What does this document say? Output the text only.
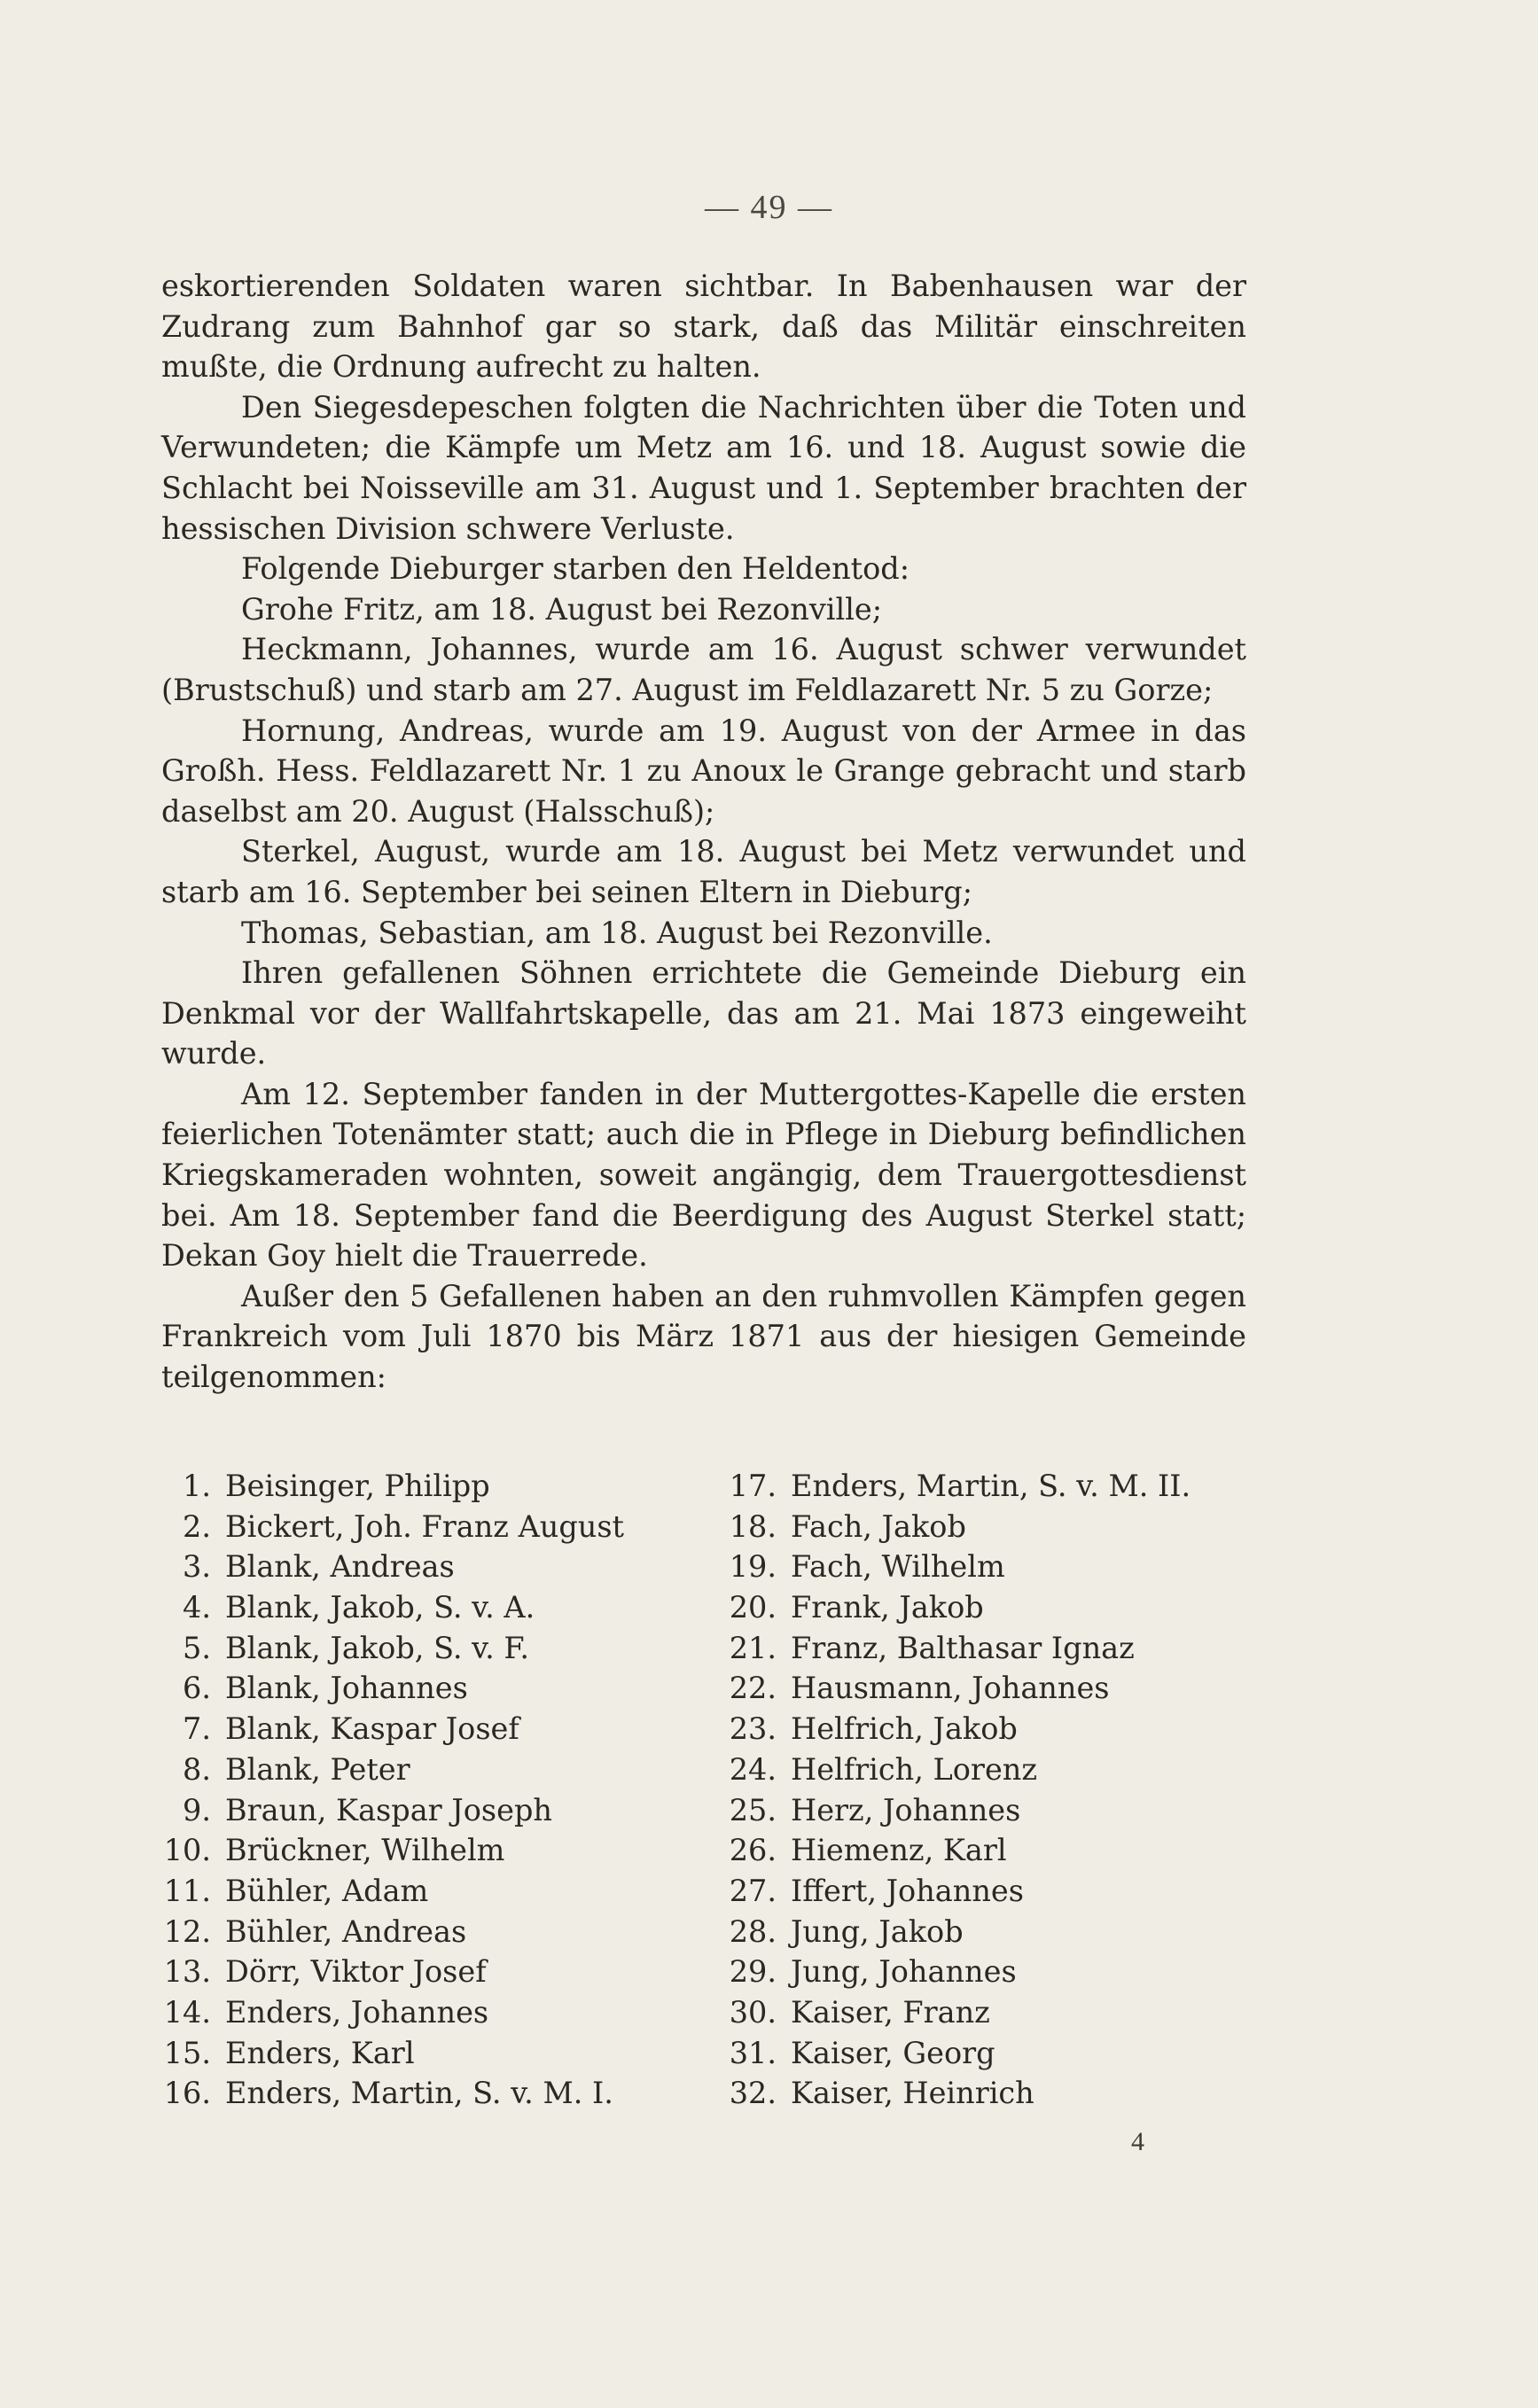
— 49 —

eskortierenden Soldaten waren sichtbar. In Babenhausen war der Zudrang zum Bahnhof gar so stark, daß das Militär einschreiten mußte, die Ordnung aufrecht zu halten.

Den Siegesdepeschen folgten die Nachrichten über die Toten und Verwundeten; die Kämpfe um Metz am 16. und 18. August sowie die Schlacht bei Noisseville am 31. August und 1. September brachten der hessischen Division schwere Verluste.

Folgende Dieburger starben den Heldentod:

Grohe Fritz, am 18. August bei Rezonville;

Heckmann, Johannes, wurde am 16. August schwer verwundet (Brustschuß) und starb am 27. August im Feldlazarett Nr. 5 zu Gorze;

Hornung, Andreas, wurde am 19. August von der Armee in das Großh. Hess. Feldlazarett Nr. 1 zu Anoux le Grange gebracht und starb daselbst am 20. August (Halsschuß);

Sterkel, August, wurde am 18. August bei Metz verwundet und starb am 16. September bei seinen Eltern in Dieburg;

Thomas, Sebastian, am 18. August bei Rezonville.

Ihren gefallenen Söhnen errichtete die Gemeinde Dieburg ein Denkmal vor der Wallfahrtskapelle, das am 21. Mai 1873 eingeweiht wurde.

Am 12. September fanden in der Muttergottes-Kapelle die ersten feierlichen Totenämter statt; auch die in Pflege in Dieburg befindlichen Kriegskameraden wohnten, soweit angängig, dem Trauergottesdienst bei. Am 18. September fand die Beerdigung des August Sterkel statt; Dekan Goy hielt die Trauerrede.

Außer den 5 Gefallenen haben an den ruhmvollen Kämpfen gegen Frankreich vom Juli 1870 bis März 1871 aus der hiesigen Gemeinde teilgenommen:

1. Beisinger, Philipp
2. Bickert, Joh. Franz August
3. Blank, Andreas
4. Blank, Jakob, S. v. A.
5. Blank, Jakob, S. v. F.
6. Blank, Johannes
7. Blank, Kaspar Josef
8. Blank, Peter
9. Braun, Kaspar Joseph
10. Brückner, Wilhelm
11. Bühler, Adam
12. Bühler, Andreas
13. Dörr, Viktor Josef
14. Enders, Johannes
15. Enders, Karl
16. Enders, Martin, S. v. M. I.
17. Enders, Martin, S. v. M. II.
18. Fach, Jakob
19. Fach, Wilhelm
20. Frank, Jakob
21. Franz, Balthasar Ignaz
22. Hausmann, Johannes
23. Helfrich, Jakob
24. Helfrich, Lorenz
25. Herz, Johannes
26. Hiemenz, Karl
27. Iffert, Johannes
28. Jung, Jakob
29. Jung, Johannes
30. Kaiser, Franz
31. Kaiser, Georg
32. Kaiser, Heinrich
4
